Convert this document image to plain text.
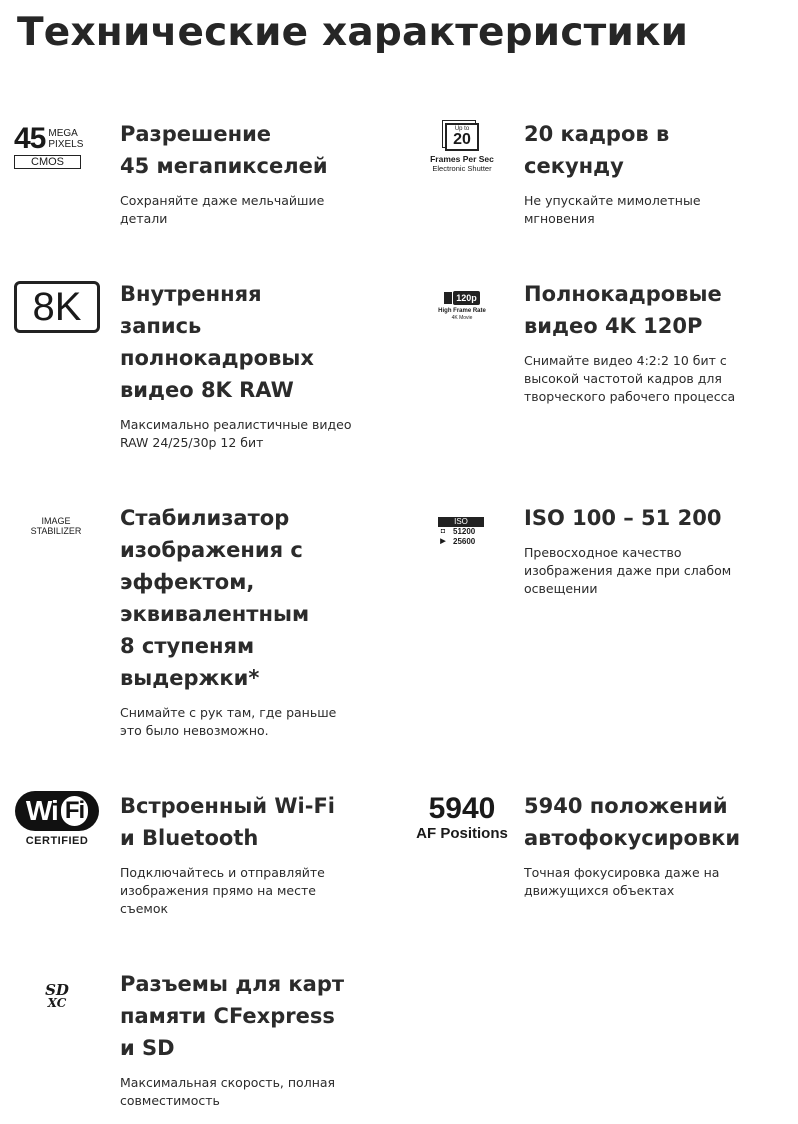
Технические характеристики
45 MEGA
PIXELS
CMOS
Разрешение
45 мегапикселей
Сохраняйте даже мельчайшие
детали
Up to
20
Frames Per Sec
Electronic Shutter
20 кадров в
секунду
Не упускайте мимолетные
мгновения
8K	Внутренняя
запись
полнокадровых
видео 8K RAW
Максимально реалистичные видео
RAW 24/25/30p 12 бит
120p
High Frame Rate
4K Movie
Полнокадровые
видео 4K 120P
Снимайте видео 4:2:2 10 бит с
высокой частотой кадров для
творческого рабочего процесса
IMAGE
STABILIZER
Стабилизатор
изображения с
эффектом,
эквивалентным
8 ступеням
выдержки*
Снимайте с рук там, где раньше
это было невозможно.
ISO
◘ 51200
▶ 25600
ISO 100 – 51 200
Превосходное качество
изображения даже при слабом
освещении
Wi Fi
CERTIFIED
Встроенный Wi-Fi
и Bluetooth
Подключайтесь и отправляйте
изображения прямо на месте
съемок
5940
AF Positions
5940 положений
автофокусировки
Точная фокусировка даже на
движущихся объектах
SD
XC
Разъемы для карт
памяти CFexpress
и SD
Максимальная скорость, полная
совместимость
